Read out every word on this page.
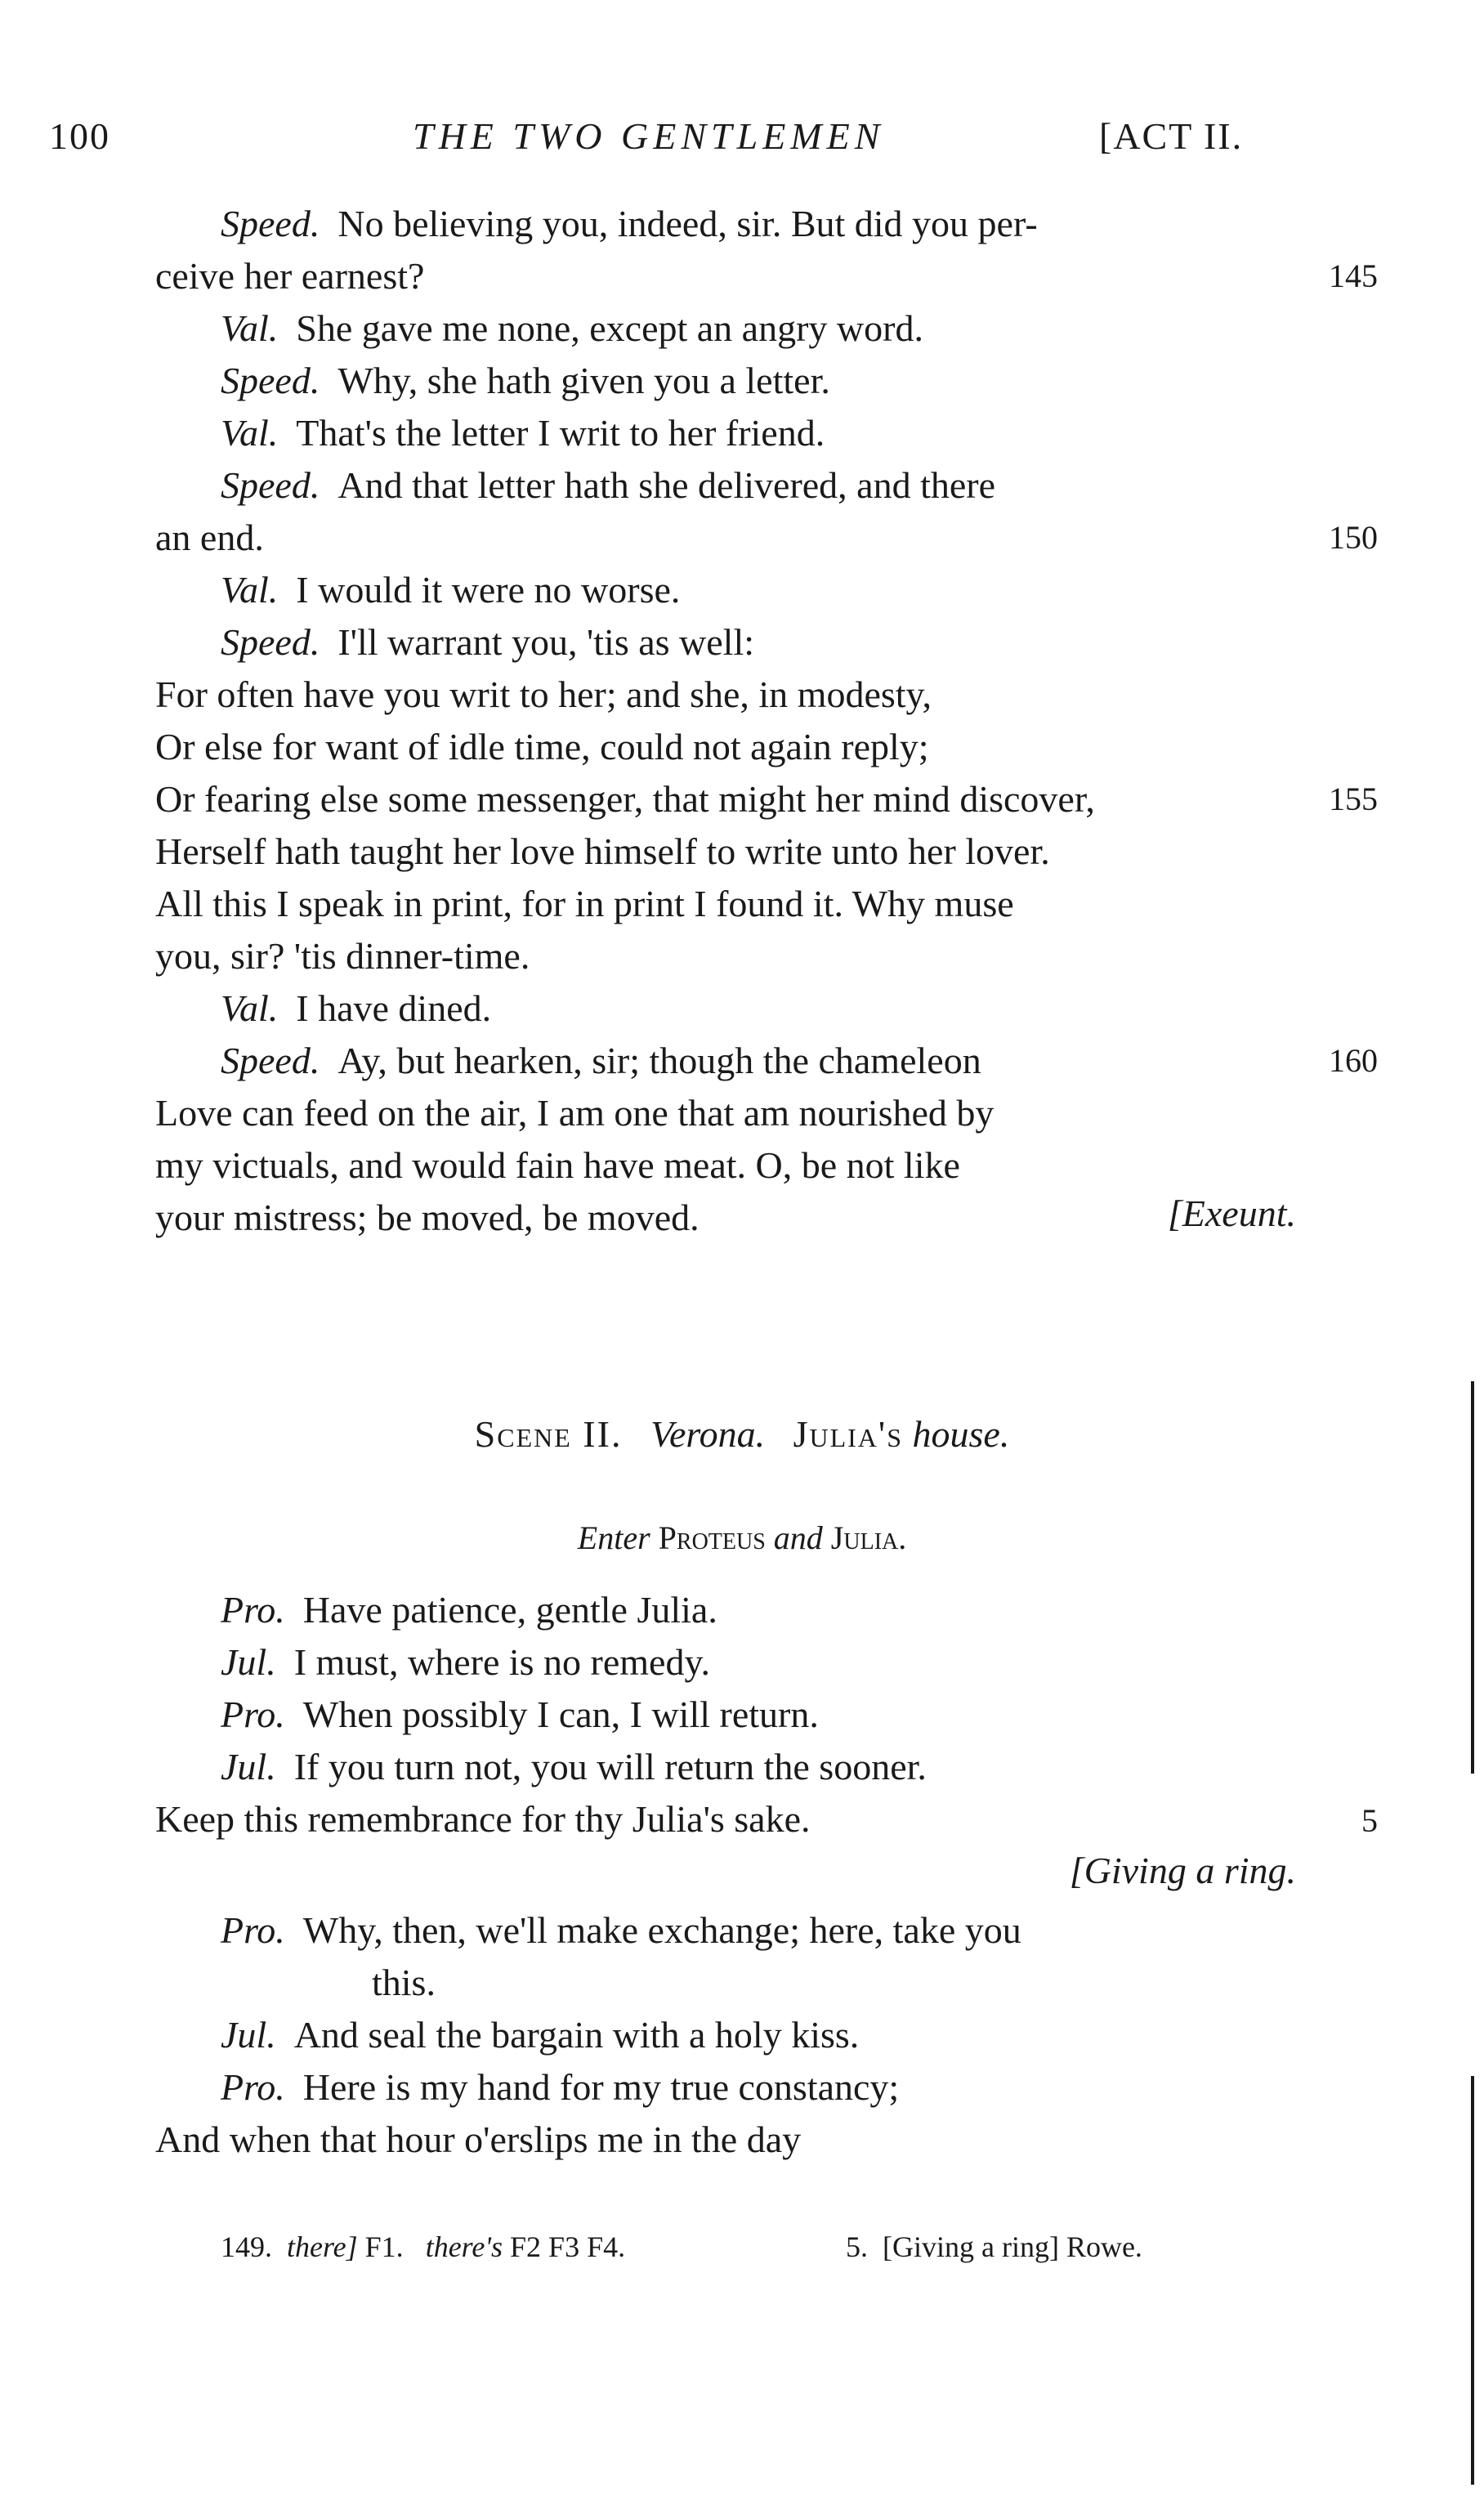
100	THE TWO GENTLEMEN	[ACT II.
Speed. No believing you, indeed, sir. But did you per-
ceive her earnest?	145
Val. She gave me none, except an angry word.
Speed. Why, she hath given you a letter.
Val. That's the letter I writ to her friend.
Speed. And that letter hath she delivered, and there
an end.	150
Val. I would it were no worse.
Speed. I'll warrant you, 'tis as well:
For often have you writ to her; and she, in modesty,
Or else for want of idle time, could not again reply;
Or fearing else some messenger, that might her mind discover,	155
Herself hath taught her love himself to write unto her lover.
All this I speak in print, for in print I found it. Why muse
you, sir? 'tis dinner-time.
Val. I have dined.
Speed. Ay, but hearken, sir; though the chameleon	160
Love can feed on the air, I am one that am nourished by
my victuals, and would fain have meat. O, be not like
your mistress; be moved, be moved.	[Exeunt.
Scene II. Verona. Julia's house.
Enter Proteus and Julia.
Pro. Have patience, gentle Julia.
Jul. I must, where is no remedy.
Pro. When possibly I can, I will return.
Jul. If you turn not, you will return the sooner.
Keep this remembrance for thy Julia's sake.	5
[Giving a ring.
Pro. Why, then, we'll make exchange; here, take you
this.
Jul. And seal the bargain with a holy kiss.
Pro. Here is my hand for my true constancy;
And when that hour o'erslips me in the day
149. there] F1. there's F2 F3 F4.	5. [Giving a ring] Rowe.
